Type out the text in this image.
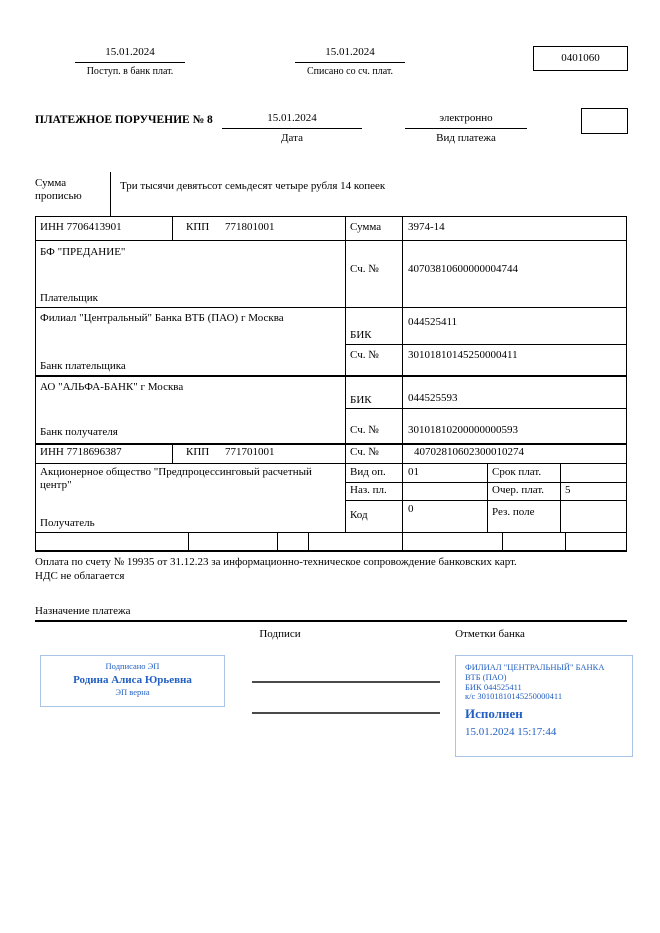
15.01.2024
Поступ. в банк плат.
15.01.2024
Списано со сч. плат.
0401060
ПЛАТЕЖНОЕ ПОРУЧЕНИЕ № 8	15.01.2024
Дата
электронно
Вид платежа
Сумма прописью
Три тысячи девятьсот семьдесят четыре рубля 14 копеек
ИНН 7706413901	КПП 771801001	Сумма 3974-14
БФ "ПРЕДАНИЕ"
Сч. №	40703810600000004744
Плательщик
Филиал "Центральный" Банка ВТБ (ПАО) г Москва
БИК
044525411
Сч. №	30101810145250000411
Банк плательщика
АО "АЛЬФА-БАНК" г Москва
БИК	044525593
Сч. №	30101810200000000593
Банк получателя
ИНН 7718696387	КПП 771701001	Сч. №	40702810602300010274
Акционерное общество "Предпроцессинговый расчетный центр"
Получатель
Вид оп. 01	Срок плат.
Наз. пл.	Очер. плат. 5
Код	0	Рез. поле
Оплата по счету № 19935 от 31.12.23 за информационно-техническое сопровождение банковских карт.
НДС не облагается
Назначение платежа
Подписи	Отметки банка
Подписано ЭП
Родина Алиса Юрьевна
ЭП верна
ФИЛИАЛ "ЦЕНТРАЛЬНЫЙ" БАНКА
ВТБ (ПАО)
БИК 044525411
к/с 30101810145250000411
Исполнен
15.01.2024 15:17:44
